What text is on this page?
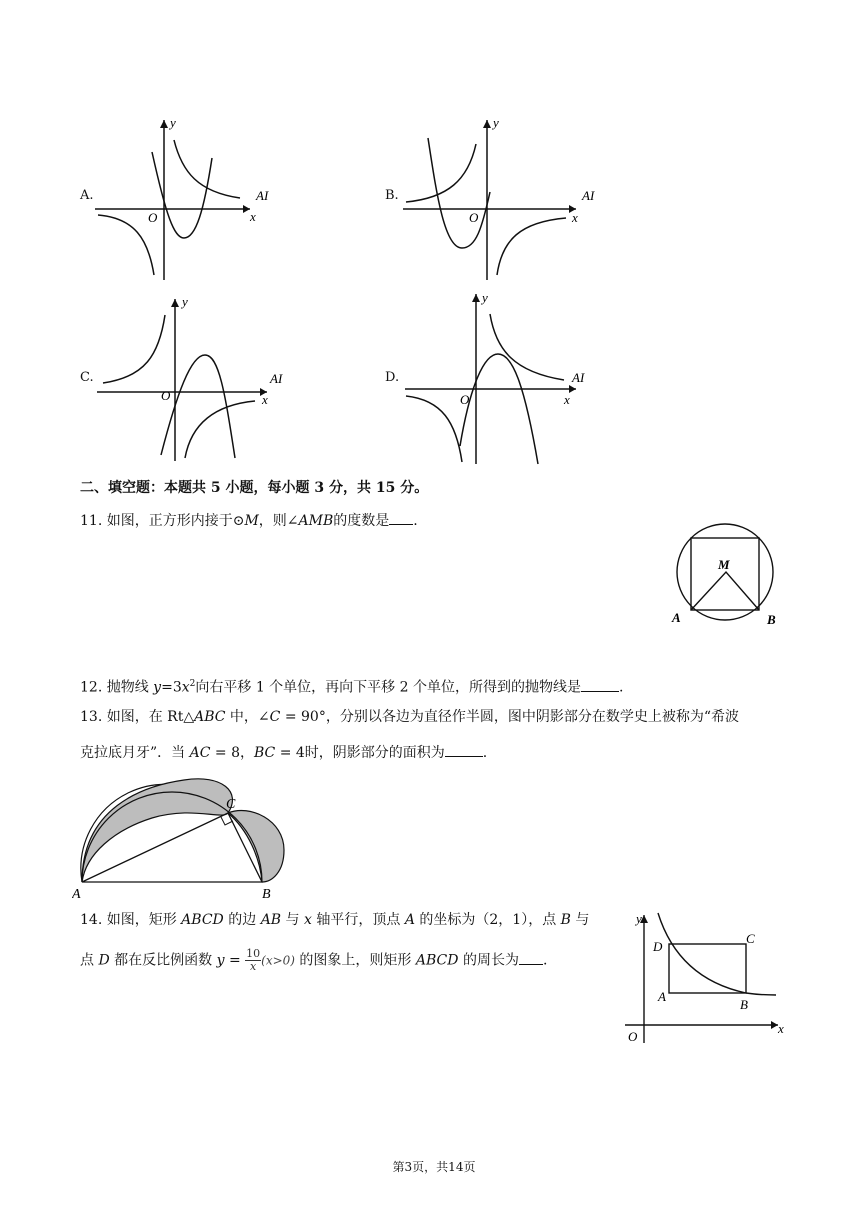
A.
x
y
O
AI	B.
x
y
O
AI
C.
x
y
O
AI	D.
x
y
O
AI
二、填空题：本题共 5 小题，每小题 3 分，共 15 分。
11. 如图，正方形内接于⊙M，则∠AMB的度数是 .
M
A	B
12. 抛物线 $y=3x^2$向右平移 1 个单位，再向下平移 2 个单位，所得到的抛物线是	.
13. 如图，在 Rt△ABC 中，∠C = 90°，分别以各边为直径作半圆，图中阴影部分在数学史上被称为“希波
克拉底月牙”．当 AC = 8，BC = 4时，阴影部分的面积为	.
A	B
C
14. 如图，矩形 ABCD 的边 AB 与 x 轴平行，顶点 A 的坐标为（2，1），点 B 与
点 D 都在反比例函数 $y = \frac{10}{x} (x>0)$ 的图象上，则矩形 ABCD 的周长为 .
y
x
O
A
B
C
D
第3页，共14页
